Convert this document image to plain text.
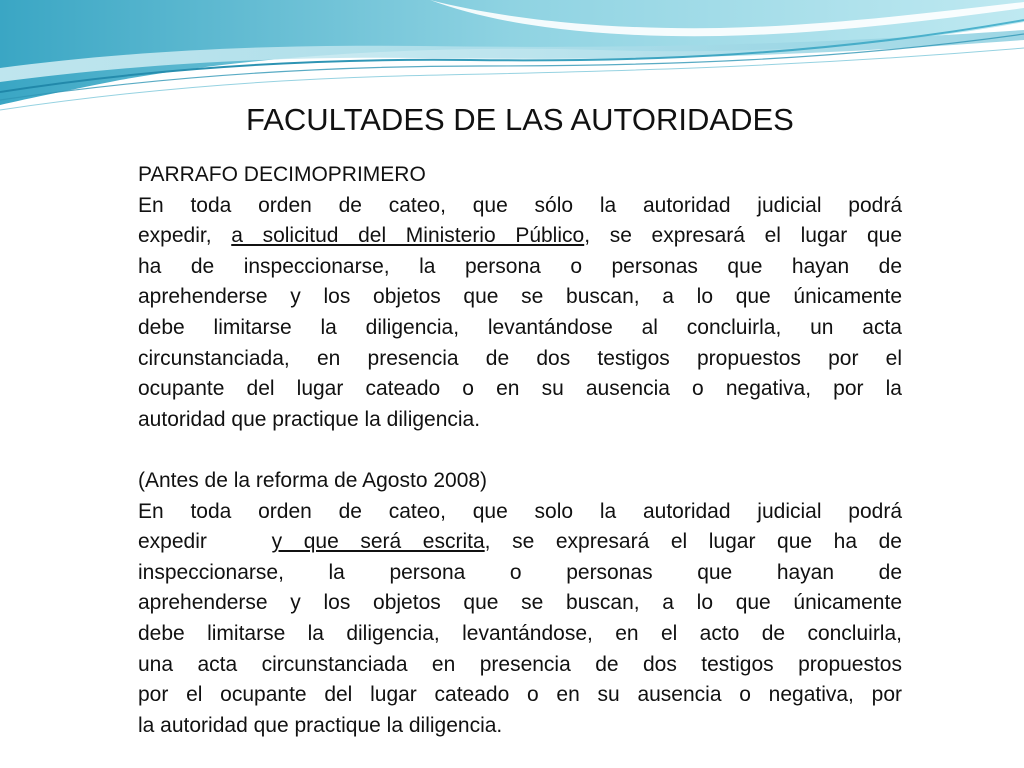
FACULTADES DE LAS AUTORIDADES
PARRAFO DECIMOPRIMERO
En toda orden de cateo, que sólo la autoridad judicial podrá
expedir, a solicitud del Ministerio Público, se expresará el lugar que
ha de inspeccionarse, la persona o personas que hayan de
aprehenderse y los objetos que se buscan, a lo que únicamente
debe limitarse la diligencia, levantándose al concluirla, un acta
circunstanciada, en presencia de dos testigos propuestos por el
ocupante del lugar cateado o en su ausencia o negativa, por la
autoridad que practique la diligencia.
(Antes de la reforma de Agosto 2008)
En toda orden de cateo, que solo la autoridad judicial podrá
expedir	y que será escrita, se expresará el lugar que ha de
inspeccionarse, la persona o personas que hayan de
aprehenderse y los objetos que se buscan, a lo que únicamente
debe limitarse la diligencia, levantándose, en el acto de concluirla,
una acta circunstanciada en presencia de dos testigos propuestos
por el ocupante del lugar cateado o en su ausencia o negativa, por
la autoridad que practique la diligencia.
